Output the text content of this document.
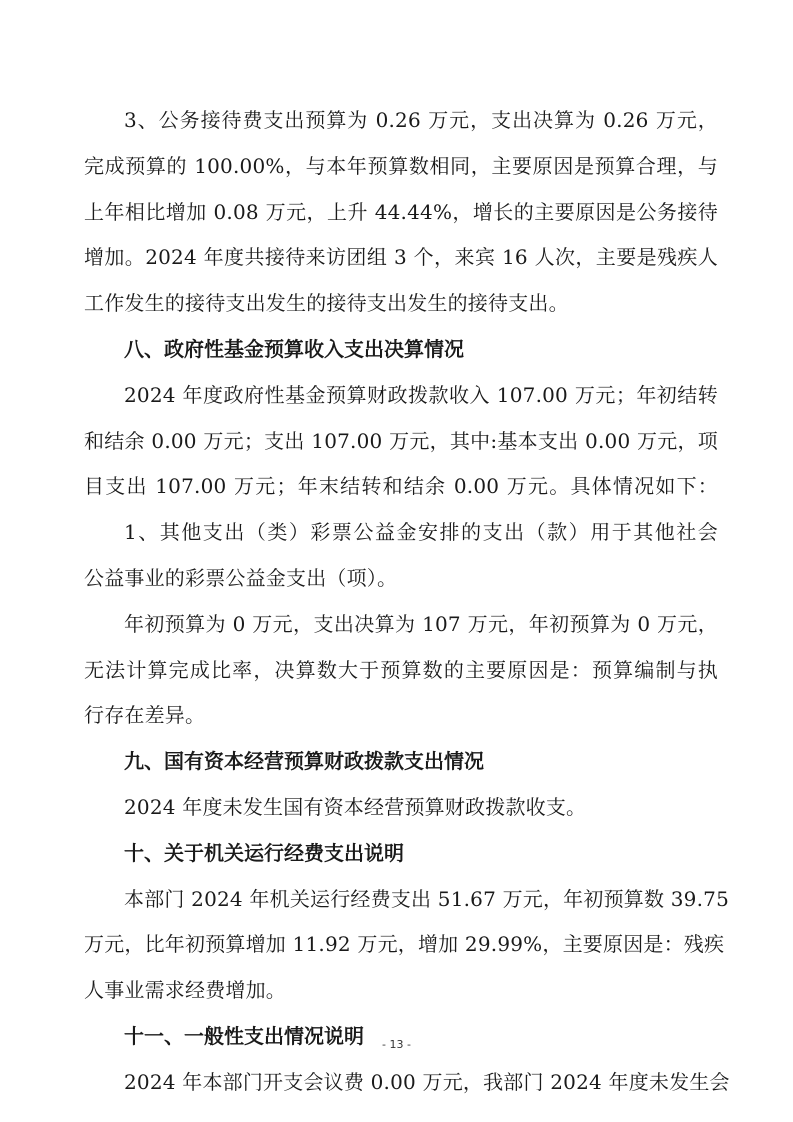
3、公务接待费支出预算为 0.26 万元，支出决算为 0.26 万元，
完成预算的 100.00%，与本年预算数相同，主要原因是预算合理，与
上年相比增加 0.08 万元，上升 44.44%，增长的主要原因是公务接待
增加。2024 年度共接待来访团组 3 个，来宾 16 人次，主要是残疾人
工作发生的接待支出发生的接待支出发生的接待支出。
八、政府性基金预算收入支出决算情况
2024 年度政府性基金预算财政拨款收入 107.00 万元；年初结转
和结余 0.00 万元；支出 107.00 万元，其中:基本支出 0.00 万元，项
目支出 107.00 万元；年末结转和结余 0.00 万元。具体情况如下：
1、其他支出（类）彩票公益金安排的支出（款）用于其他社会
公益事业的彩票公益金支出（项）。
年初预算为 0 万元，支出决算为 107 万元，年初预算为 0 万元，
无法计算完成比率，决算数大于预算数的主要原因是：预算编制与执
行存在差异。
九、国有资本经营预算财政拨款支出情况
2024 年度未发生国有资本经营预算财政拨款收支。
十、关于机关运行经费支出说明
本部门 2024 年机关运行经费支出 51.67 万元，年初预算数 39.75
万元，比年初预算增加 11.92 万元，增加 29.99%，主要原因是：残疾
人事业需求经费增加。
十一、一般性支出情况说明
2024 年本部门开支会议费 0.00 万元，我部门 2024 年度未发生会
- 13 -
